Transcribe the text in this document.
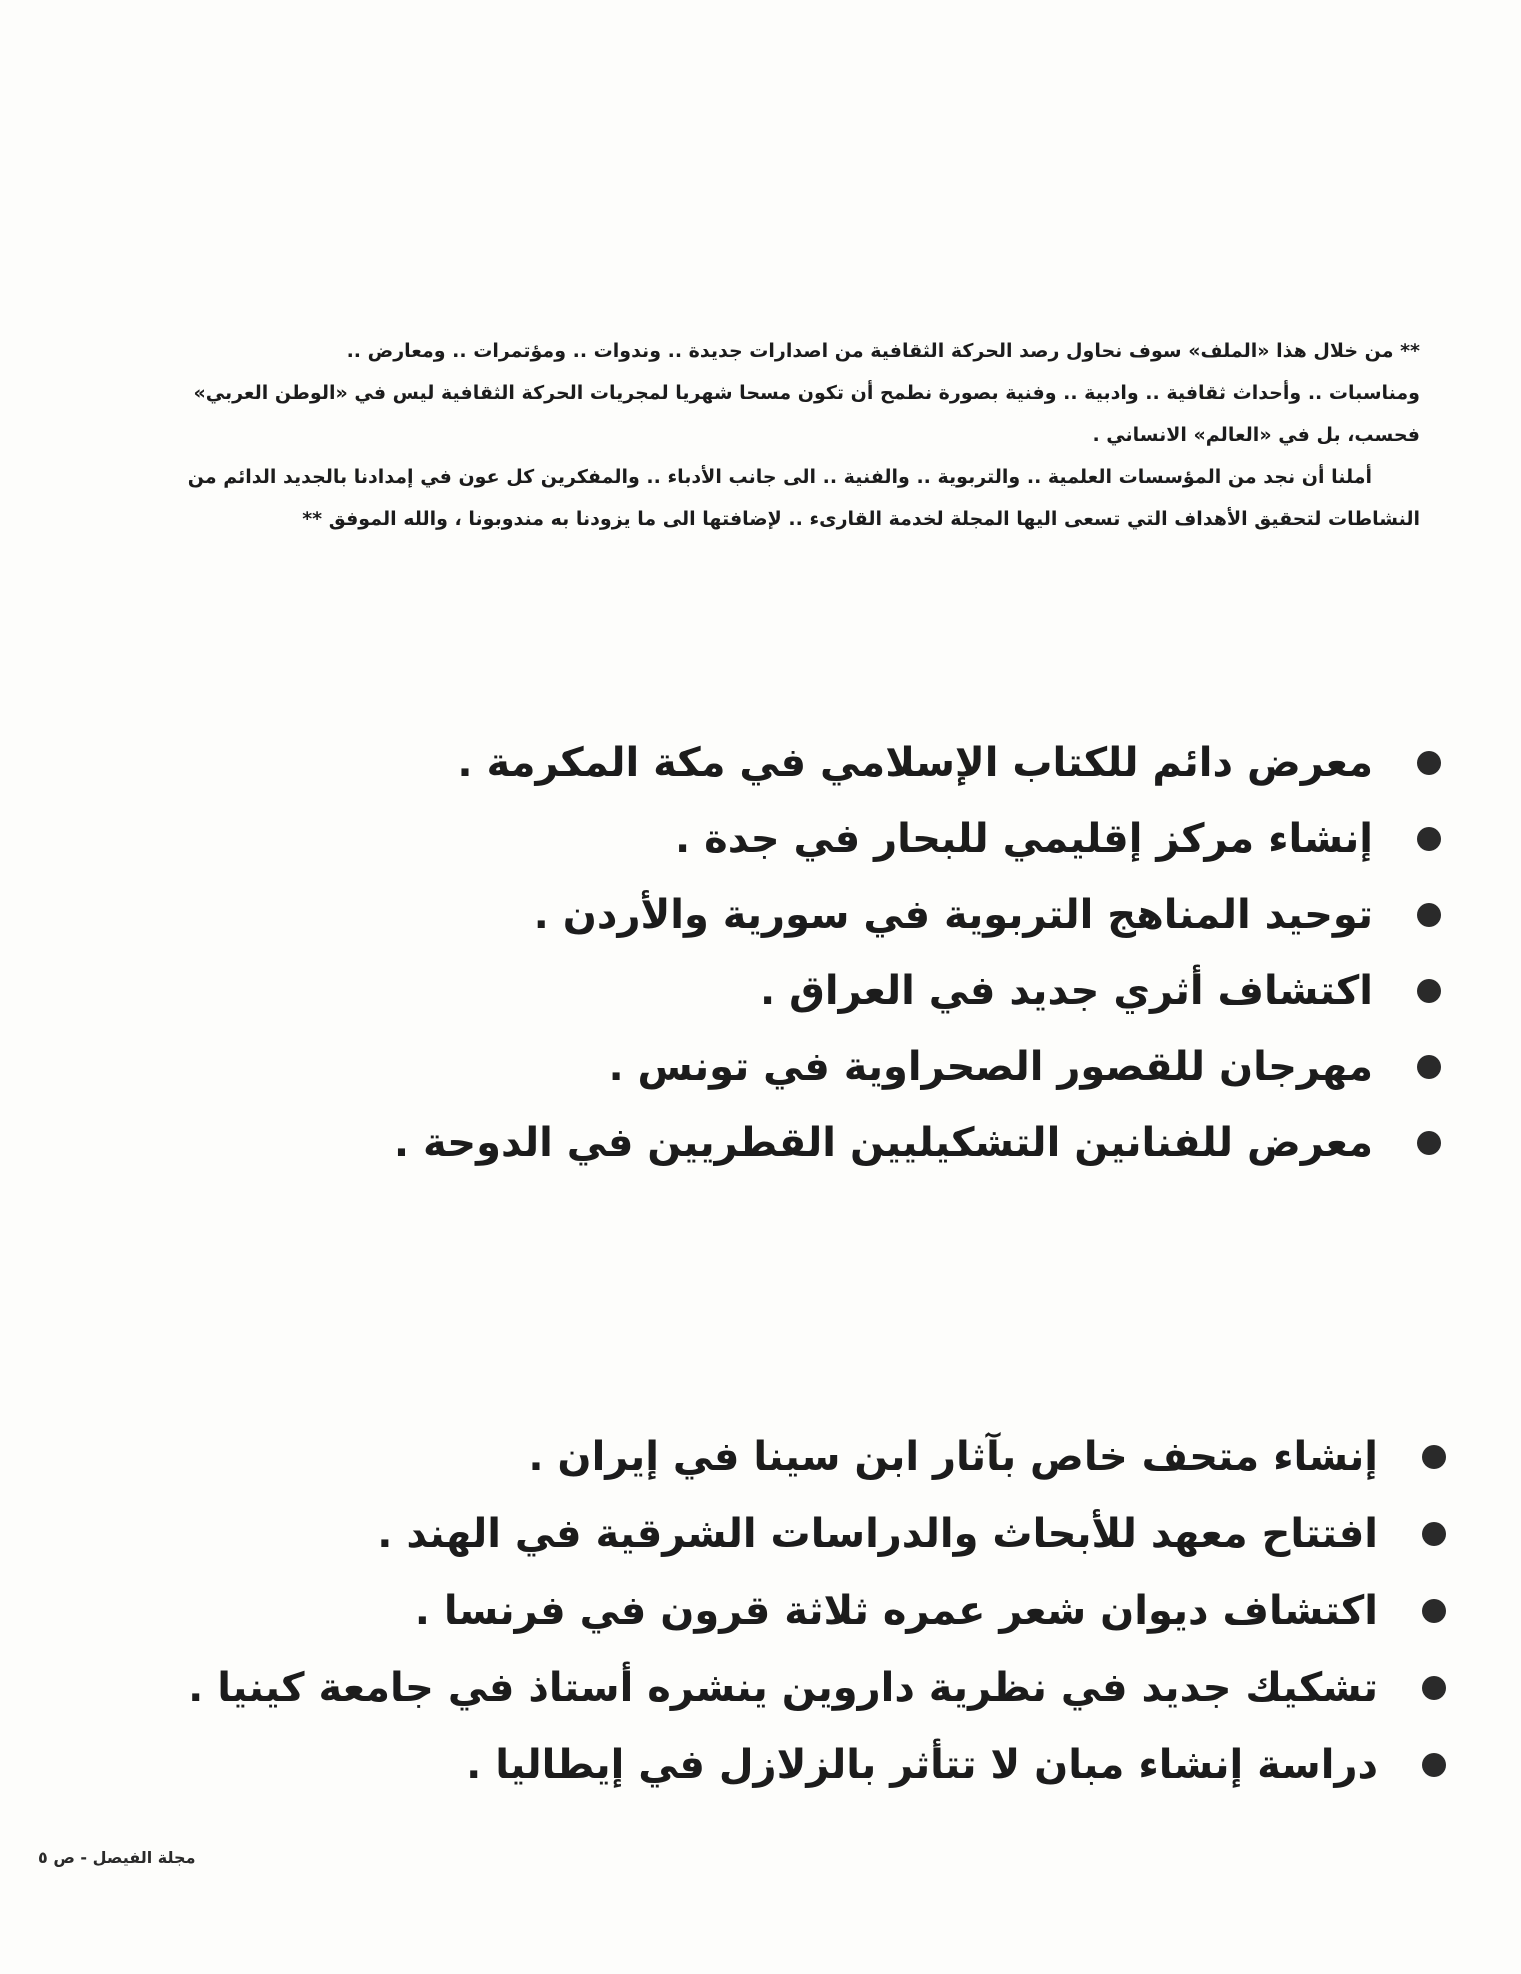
** من خلال هذا «الملف» سوف نحاول رصد الحركة الثقافية من اصدارات جديدة .. وندوات .. ومؤتمرات .. ومعارض ..

ومناسبات .. وأحداث ثقافية .. وادبية .. وفنية بصورة نطمح أن تكون مسحا شهريا لمجريات الحركة الثقافية ليس في «الوطن العربي»

فحسب، بل في «العالم» الانساني .

أملنا أن نجد من المؤسسات العلمية .. والتربوية .. والفنية .. الى جانب الأدباء .. والمفكرين كل عون في إمدادنا بالجديد الدائم من

النشاطات لتحقيق الأهداف التي تسعى اليها المجلة لخدمة القارىء .. لإضافتها الى ما يزودنا به مندوبونا ، والله الموفق **

معرض دائم للكتاب الإسلامي في مكة المكرمة .
إنشاء مركز إقليمي للبحار في جدة .
توحيد المناهج التربوية في سورية والأردن .
اكتشاف أثري جديد في العراق .
مهرجان للقصور الصحراوية في تونس .
معرض للفنانين التشكيليين القطريين في الدوحة .
إنشاء متحف خاص بآثار ابن سينا في إيران .
افتتاح معهد للأبحاث والدراسات الشرقية في الهند .
اكتشاف ديوان شعر عمره ثلاثة قرون في فرنسا .
تشكيك جديد في نظرية داروين ينشره أستاذ في جامعة كينيا .
دراسة إنشاء مبان لا تتأثر بالزلازل في إيطاليا .
مجلة الفيصل - ص ٥
